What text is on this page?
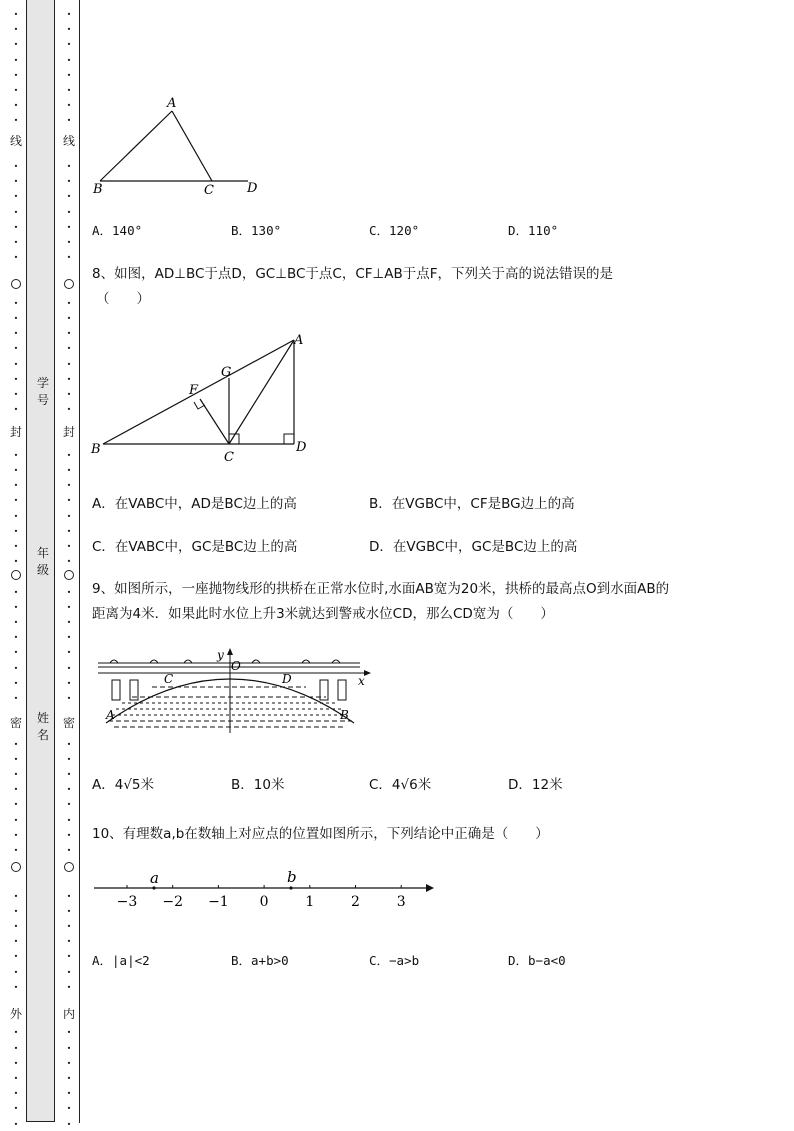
·
·
·
·
·
·
·
·
·
·
·
·
·
·
·
·
·
·
·
·
·
·
·
·
·
·
·
·
·
·
·
·
·
·
·
·
·
·
·
·
·
·
·
·
·
·
·
·
·
·
·
·
·
·
·
·
·
·
·
·
·
·
·
·
·
·
·
·
·
·
·
·
·
·
·
·
·
·
·
·
·
·
·
·
·
·
·
·
·
·
·
·
·
·
·
·
·
·
·
·
·
·
·
·
·
·
·
·
·
·
·
·
·
·
·
·
·
·
·
·
·
·
线	线
封	封
密	密
外	内
学号
年级
姓名
A
B	C	D
A．140°	B．130°	C．120°	D．110°
8、如图，AD⊥BC于点D，GC⊥BC于点C，CF⊥AB于点F，下列关于高的说法错误的是
（　　）
A
B
C
D
F
G
A．在VABC中，AD是BC边上的高	B．在VGBC中，CF是BG边上的高
C．在VABC中，GC是BC边上的高	D．在VGBC中，GC是BC边上的高
9、如图所示，一座抛物线形的拱桥在正常水位时,水面AB宽为20米，拱桥的最高点O到水面AB的
距离为4米．如果此时水位上升3米就达到警戒水位CD，那么CD宽为（　　）
y
O
C	D
A	B
x
A．4√5米	B．10米	C．4√6米	D．12米
10、有理数a,b在数轴上对应点的位置如图所示，下列结论中正确是（　　）
−3 −2 −1 0	1	2	3
a	b
A．|a|<2	B．a+b>0	C．−a>b	D．b−a<0
